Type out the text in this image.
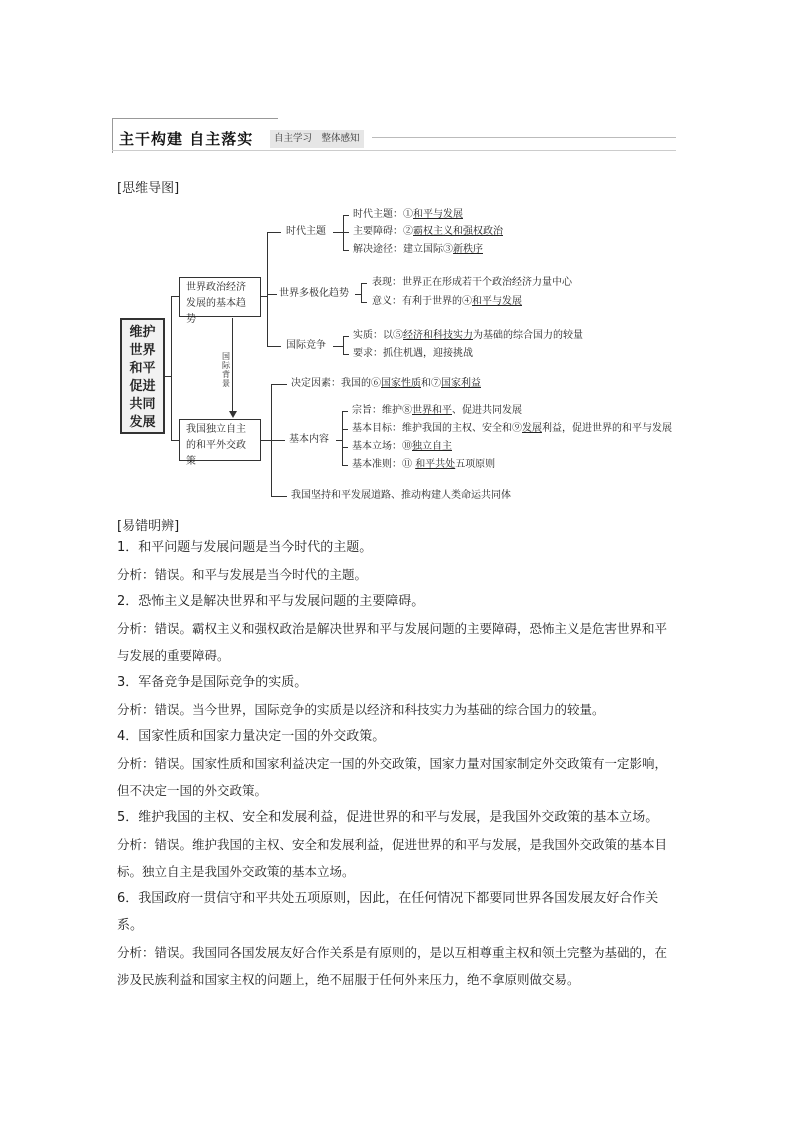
主干构建 自主落实	自主学习　整体感知
[思维导图]
维护
世界
和平
促进
共同
发展
世界政治经济发展的基本趋势
我国独立自主的和平外交政策
国
际
背
景
时代主题
时代主题：①和平与发展
主要障碍：②霸权主义和强权政治
解决途径：建立国际③新秩序
世界多极化趋势
表现：世界正在形成若干个政治经济力量中心
意义：有利于世界的④和平与发展
国际竞争
实质：以⑤经济和科技实力为基础的综合国力的较量
要求：抓住机遇，迎接挑战
决定因素：我国的⑥国家性质和⑦国家利益
基本内容
宗旨：维护⑧世界和平、促进共同发展
基本目标：维护我国的主权、安全和⑨发展利益，促进世界的和平与发展
基本立场：⑩独立自主
基本准则：⑪ 和平共处五项原则
我国坚持和平发展道路、推动构建人类命运共同体
[易错明辨]

1．和平问题与发展问题是当今时代的主题。

分析：错误。和平与发展是当今时代的主题。

2．恐怖主义是解决世界和平与发展问题的主要障碍。

分析：错误。霸权主义和强权政治是解决世界和平与发展问题的主要障碍，恐怖主义是危害世界和平与发展的重要障碍。

3．军备竞争是国际竞争的实质。

分析：错误。当今世界，国际竞争的实质是以经济和科技实力为基础的综合国力的较量。

4．国家性质和国家力量决定一国的外交政策。

分析：错误。国家性质和国家利益决定一国的外交政策，国家力量对国家制定外交政策有一定影响，但不决定一国的外交政策。

5．维护我国的主权、安全和发展利益，促进世界的和平与发展，是我国外交政策的基本立场。

分析：错误。维护我国的主权、安全和发展利益，促进世界的和平与发展，是我国外交政策的基本目标。独立自主是我国外交政策的基本立场。

6．我国政府一贯信守和平共处五项原则，因此，在任何情况下都要同世界各国发展友好合作关系。

分析：错误。我国同各国发展友好合作关系是有原则的，是以互相尊重主权和领土完整为基础的，在涉及民族利益和国家主权的问题上，绝不屈服于任何外来压力，绝不拿原则做交易。
